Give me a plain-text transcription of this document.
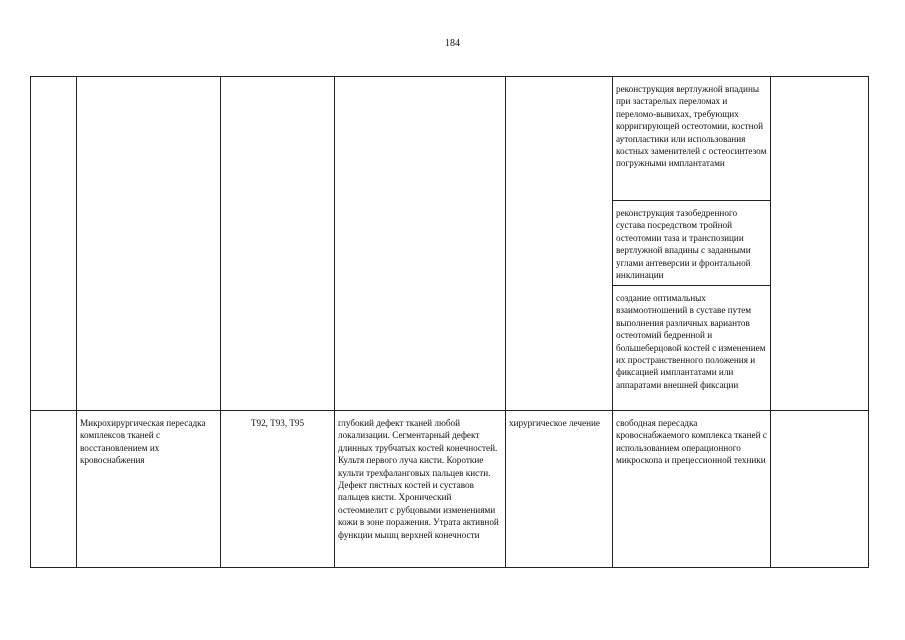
184
					реконструкция вертлужной впадины при застарелых переломах и переломо-вывихах, требующих корригирующей остеотомии, костной аутопластики или использования костных заменителей с остеосинтезом погружными имплантатами	
					реконструкция тазобедренного сустава посредством тройной остеотомии таза и транспозиции вертлужной впадины с заданными углами антеверсии и фронтальной инклинации	
					создание оптимальных взаимоотношений в суставе путем выполнения различных вариантов остеотомий бедренной и большеберцовой костей с изменением их пространственного положения и фиксацией имплантатами или аппаратами внешней фиксации	
	Микрохирургическая пересадка комплексов тканей с восстановлением их кровоснабжения	T92, T93, T95	глубокий дефект тканей любой локализации. Сегментарный дефект длинных трубчатых костей конечностей. Культя первого луча кисти. Короткие культи трехфаланговых пальцев кисти. Дефект пястных костей и суставов пальцев кисти. Хронический остеомиелит с рубцовыми изменениями кожи в зоне поражения. Утрата активной функции мышц верхней конечности	хирургическое лечение	свободная пересадка кровоснабжаемого комплекса тканей с использованием операционного микроскопа и прецессионной техники	
